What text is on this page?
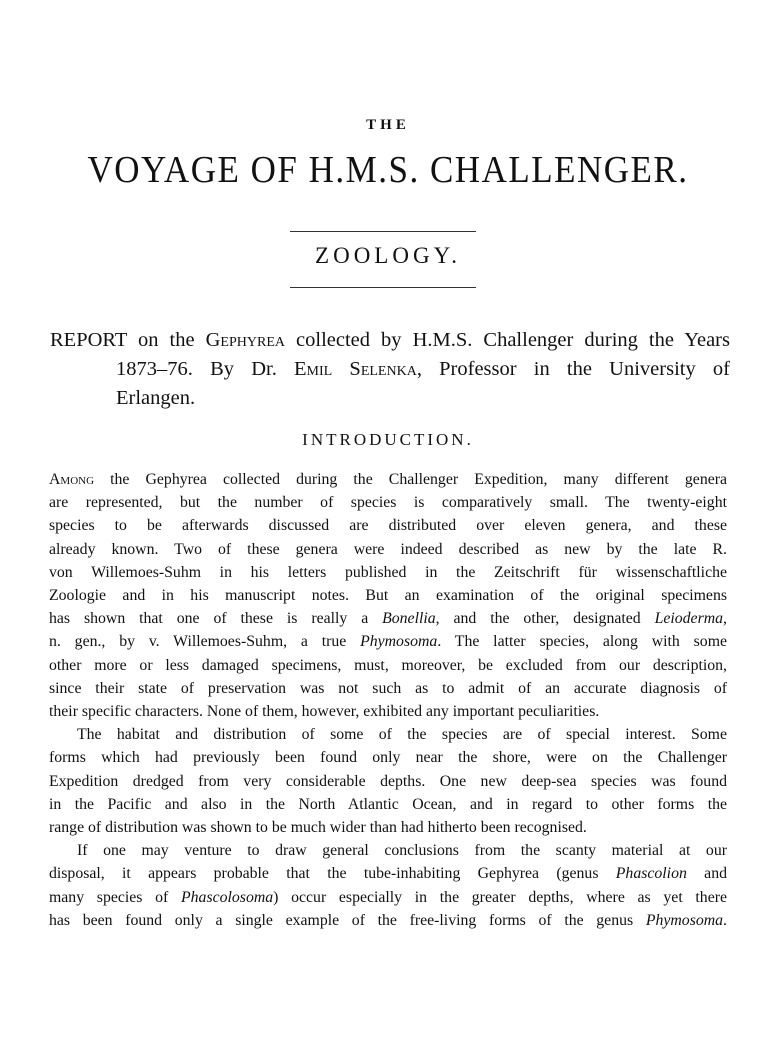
THE
VOYAGE OF H.M.S. CHALLENGER.
ZOOLOGY.
REPORT on the Gephyrea collected by H.M.S. Challenger during the Years
1873–76. By Dr. Emil Selenka, Professor in the University of
Erlangen.
INTRODUCTION.
Among the Gephyrea collected during the Challenger Expedition, many different genera
are represented, but the number of species is comparatively small. The twenty-eight
species to be afterwards discussed are distributed over eleven genera, and these
already known. Two of these genera were indeed described as new by the late R.
von Willemoes-Suhm in his letters published in the Zeitschrift für wissenschaftliche
Zoologie and in his manuscript notes. But an examination of the original specimens
has shown that one of these is really a Bonellia, and the other, designated Leioderma,
n. gen., by v. Willemoes-Suhm, a true Phymosoma. The latter species, along with some
other more or less damaged specimens, must, moreover, be excluded from our description,
since their state of preservation was not such as to admit of an accurate diagnosis of
their specific characters. None of them, however, exhibited any important peculiarities.
The habitat and distribution of some of the species are of special interest. Some
forms which had previously been found only near the shore, were on the Challenger
Expedition dredged from very considerable depths. One new deep-sea species was found
in the Pacific and also in the North Atlantic Ocean, and in regard to other forms the
range of distribution was shown to be much wider than had hitherto been recognised.
If one may venture to draw general conclusions from the scanty material at our
disposal, it appears probable that the tube-inhabiting Gephyrea (genus Phascolion and
many species of Phascolosoma) occur especially in the greater depths, where as yet there
has been found only a single example of the free-living forms of the genus Phymosoma.
